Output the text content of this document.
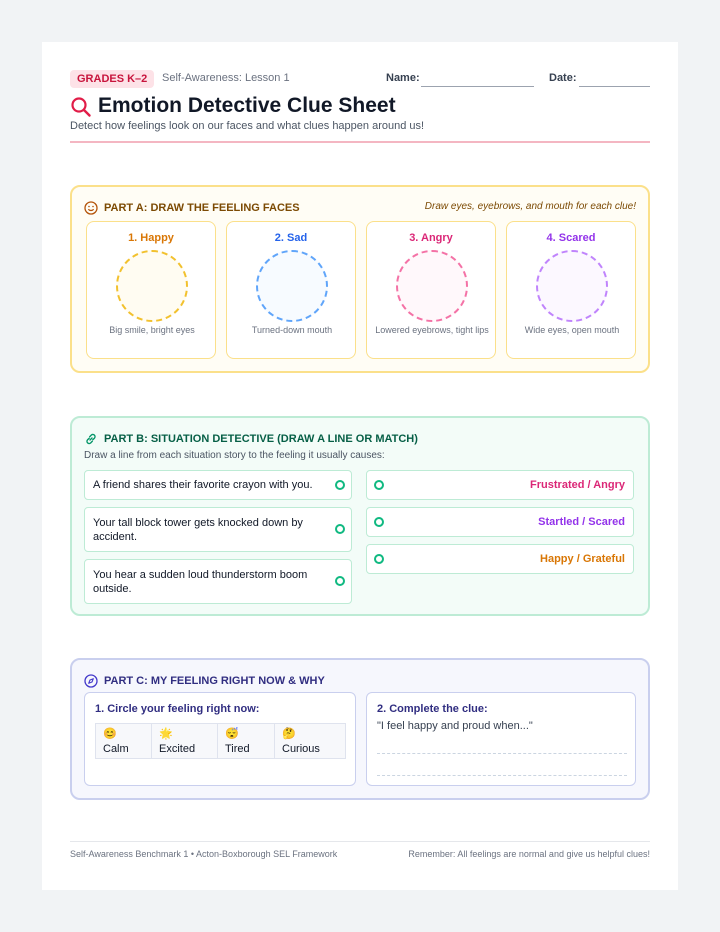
GRADES K–2	Self-Awareness: Lesson 1	Name:	Date:
Emotion Detective Clue Sheet
Detect how feelings look on our faces and what clues happen around us!
PART A: DRAW THE FEELING FACES	Draw eyes, eyebrows, and mouth for each clue!
1. Happy
Big smile, bright eyes
2. Sad
Turned-down mouth
3. Angry
Lowered eyebrows, tight lips
4. Scared
Wide eyes, open mouth
PART B: SITUATION DETECTIVE (DRAW A LINE OR MATCH)
Draw a line from each situation story to the feeling it usually causes:
A friend shares their favorite crayon with you.
Your tall block tower gets knocked down by accident.
You hear a sudden loud thunderstorm boom outside.
Frustrated / Angry
Startled / Scared
Happy / Grateful
PART C: MY FEELING RIGHT NOW & WHY
1. Circle your feeling right now:
😊
Calm
🌟
Excited
😴
Tired
🤔
Curious
2. Complete the clue:
"I feel happy and proud when..."
Self-Awareness Benchmark 1 • Acton-Boxborough SEL Framework	Remember: All feelings are normal and give us helpful clues!
